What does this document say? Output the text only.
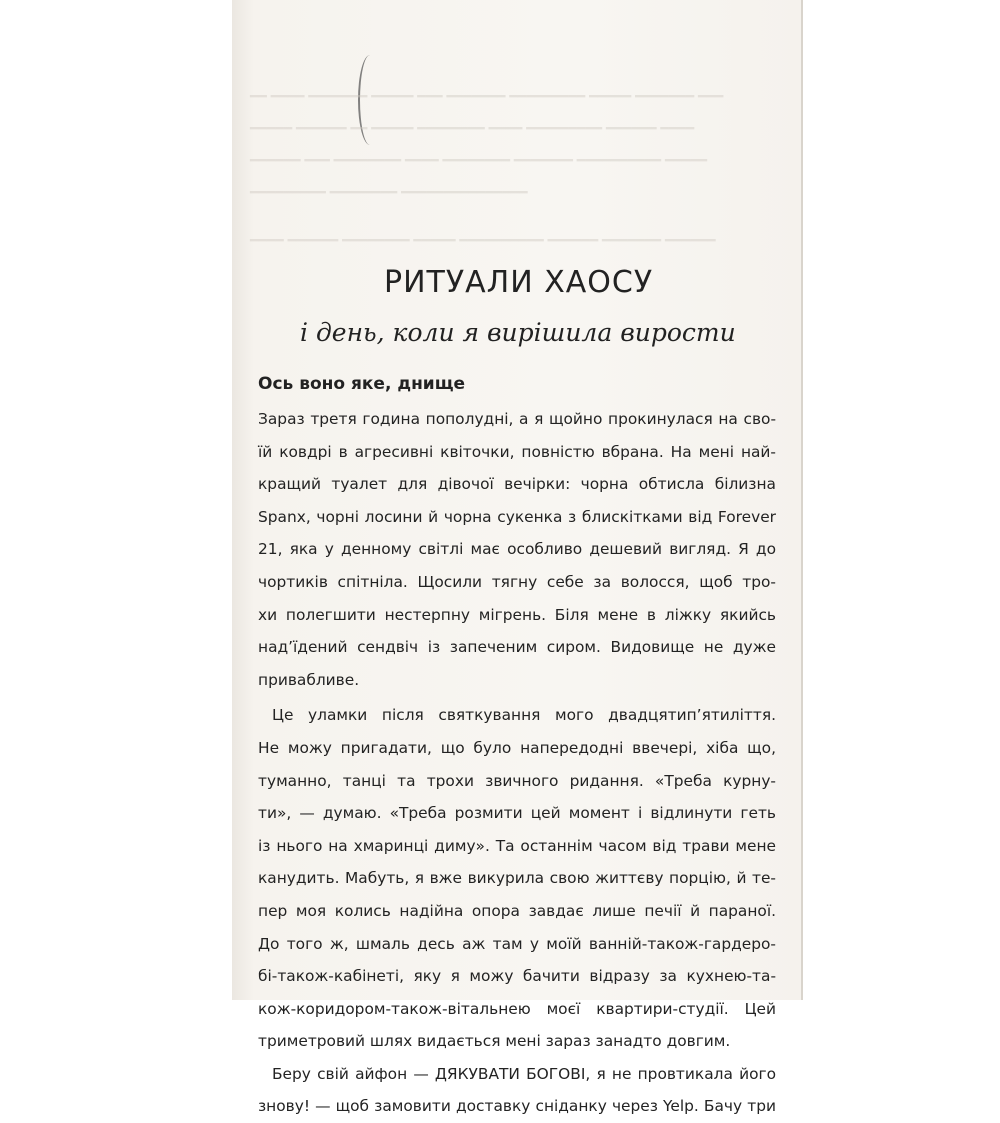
━━ ━━━━ ━━━━━━━ ━━━━━ ━━━ ━━━━━━━ ━━━━━━━━━ ━━━━━ ━━━━━━━ ━━━
━━━━━ ━━━━━━ ━━ ━━━━━ ━━━━━━━━ ━━━━ ━━━━━━━━━ ━━━━━━ ━━━━
━━━━━━ ━━━ ━━━━━━━━ ━━━━ ━━━━━━━━ ━━━━━━━ ━━━━━━━━━━ ━━━━━
━━━━━━━━━ ━━━━━━━━ ━━━━━━━━━━━━━━━
━━━━ ━━━━━━ ━━━━━━━━ ━━━━━ ━━━━━━━━━━ ━━━━━━ ━━━━━━━ ━━━━━━
РИТУАЛИ ХАОСУ
і день, коли я вирішила вирости
Ось воно яке, днище
Зараз третя година пополудні, а я щойно прокинулася на сво-
їй ковдрі в агресивні квіточки, повністю вбрана. На мені най-
кращий туалет для дівочої вечірки: чорна обтисла білизна
Spanx, чорні лосини й чорна сукенка з блискітками від Forever
21, яка у денному світлі має особливо дешевий вигляд. Я до
чортиків спітніла. Щосили тягну себе за волосся, щоб тро-
хи полегшити нестерпну мігрень. Біля мене в ліжку якийсь
над’їдений сендвіч із запеченим сиром. Видовище не дуже
привабливе.
Це уламки після святкування мого двадцятип’ятиліття.
Не можу пригадати, що було напередодні ввечері, хіба що,
туманно, танці та трохи звичного ридання. «Треба курну-
ти», — думаю. «Треба розмити цей момент і відлинути геть
із нього на хмаринці диму». Та останнім часом від трави мене
канудить. Мабуть, я вже викурила свою життєву порцію, й те-
пер моя колись надійна опора завдає лише печії й параної.
До того ж, шмаль десь аж там у моїй ванній-також-гардеро-
бі-також-кабінеті, яку я можу бачити відразу за кухнею-та-
кож-коридором-також-вітальнею моєї квартири-студії. Цей
триметровий шлях видається мені зараз занадто довгим.
Беру свій айфон — ДЯКУВАТИ БОГОВІ, я не провтикала його
знову! — щоб замовити доставку сніданку через Yelp. Бачу три
